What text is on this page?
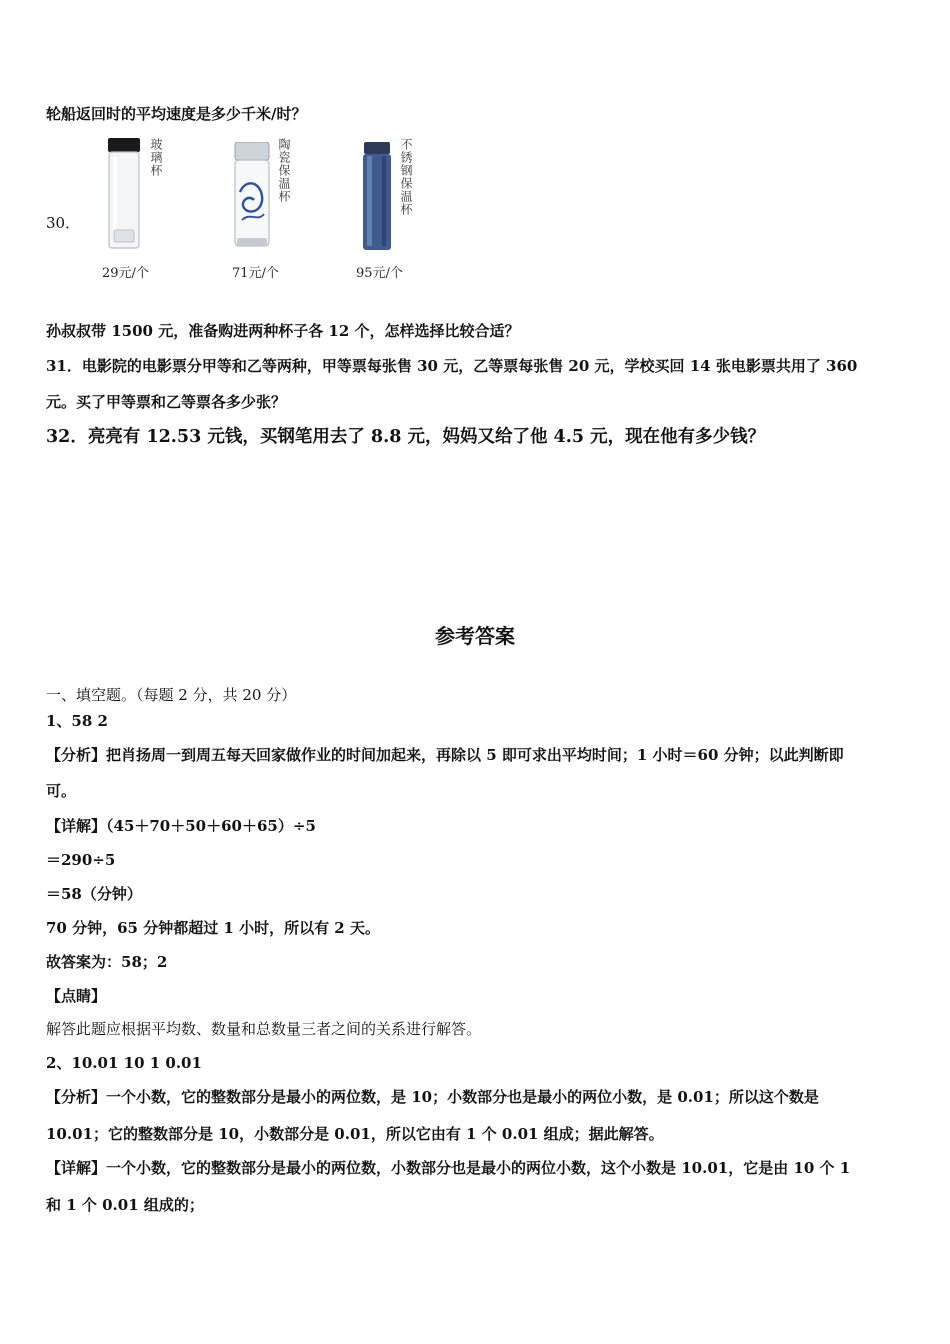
轮船返回时的平均速度是多少千米/时？
30．
玻璃杯
29元/个
陶瓷保温杯
71元/个
不锈钢保温杯
95元/个
孙叔叔带 1500 元，准备购进两种杯子各 12 个，怎样选择比较合适？
31．电影院的电影票分甲等和乙等两种，甲等票每张售 30 元，乙等票每张售 20 元，学校买回 14 张电影票共用了 360
元。买了甲等票和乙等票各多少张？
32．亮亮有 12.53 元钱，买钢笔用去了 8.8 元，妈妈又给了他 4.5 元，现在他有多少钱？
参考答案
一、填空题。（每题 2 分，共 20 分）
1、58 2
【分析】把肖扬周一到周五每天回家做作业的时间加起来，再除以 5 即可求出平均时间；1 小时＝60 分钟；以此判断即
可。
【详解】（45＋70＋50＋60＋65）÷5
＝290÷5
＝58（分钟）
70 分钟，65 分钟都超过 1 小时，所以有 2 天。
故答案为：58；2
【点睛】
解答此题应根据平均数、数量和总数量三者之间的关系进行解答。
2、10.01 10 1 0.01
【分析】一个小数，它的整数部分是最小的两位数，是 10；小数部分也是最小的两位小数，是 0.01；所以这个数是
10.01；它的整数部分是 10，小数部分是 0.01，所以它由有 1 个 0.01 组成；据此解答。
【详解】一个小数，它的整数部分是最小的两位数，小数部分也是最小的两位小数，这个小数是 10.01，它是由 10 个 1
和 1 个 0.01 组成的；
